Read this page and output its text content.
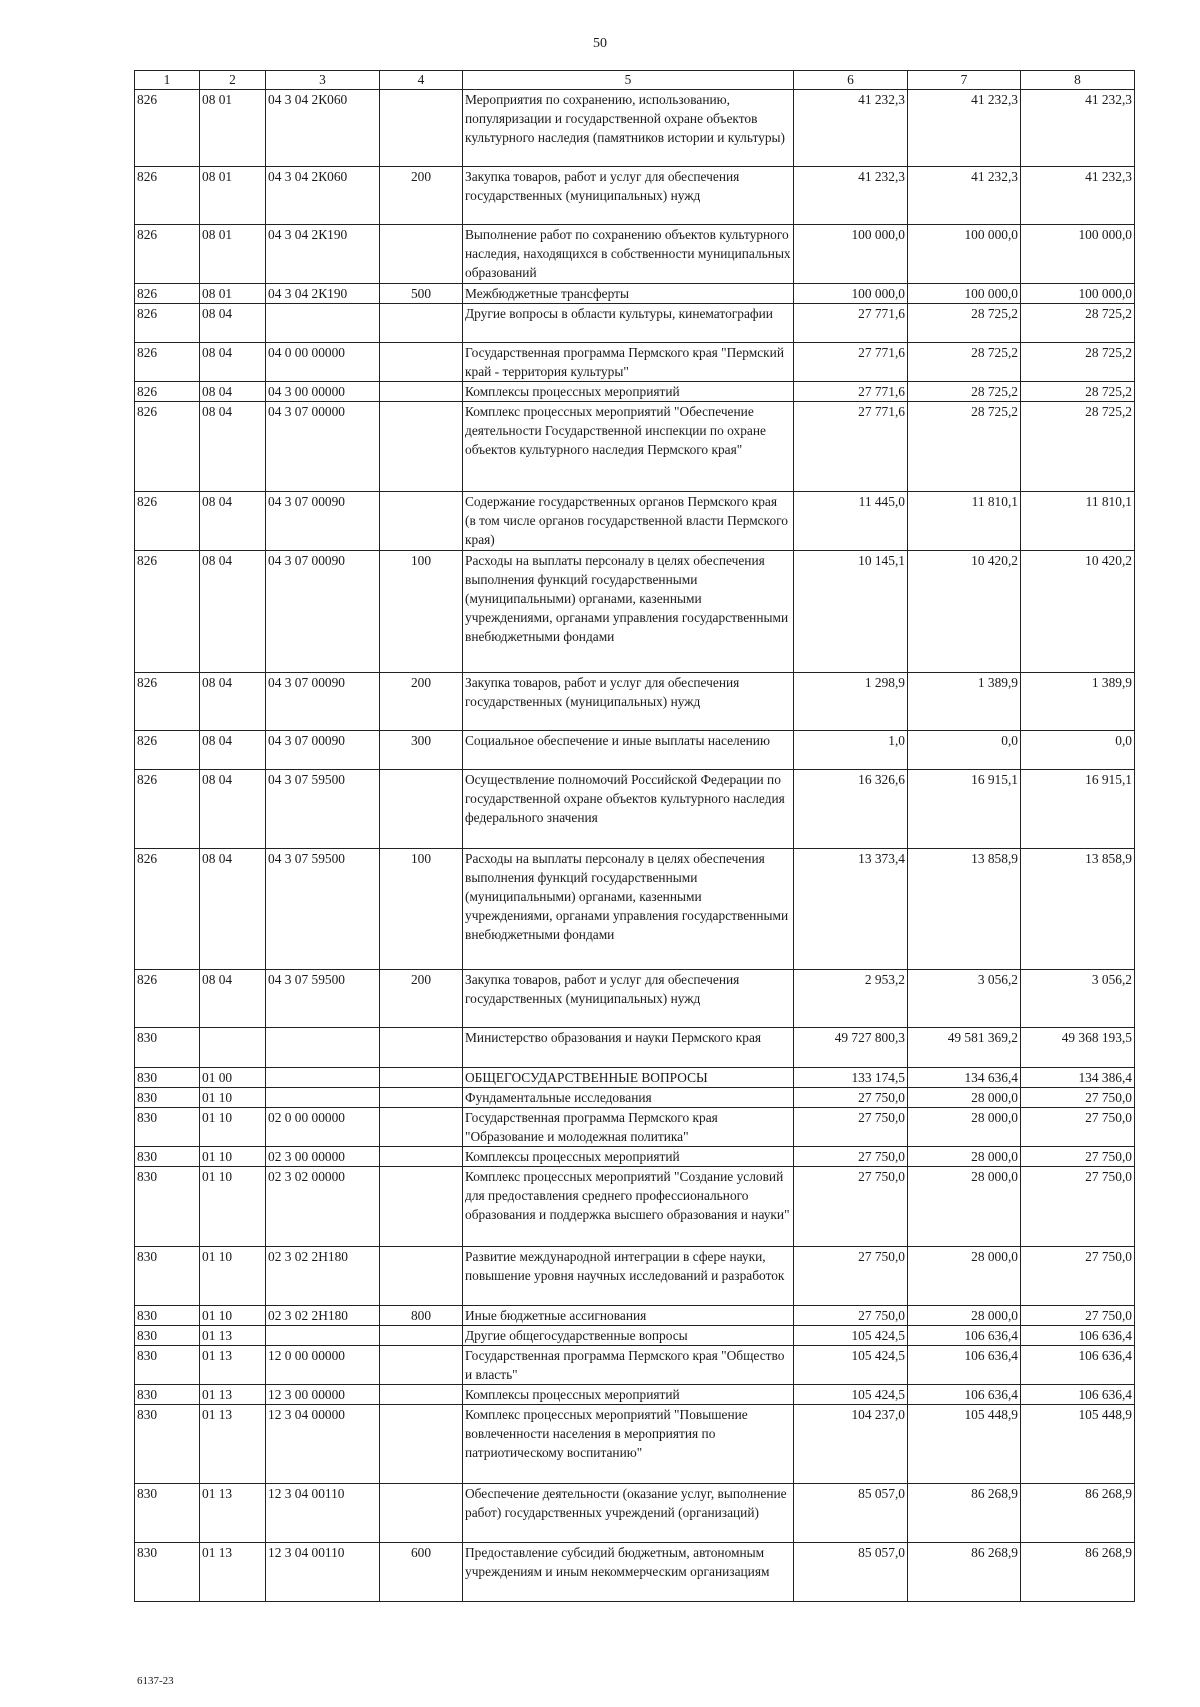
50
1	2	3	4	5	6	7	8
826	08 01	04 3 04 2К060		Мероприятия по сохранению, использованию, популяризации и государственной охране объектов культурного наследия (памятников истории и культуры)	41 232,3	41 232,3	41 232,3
826	08 01	04 3 04 2К060	200	Закупка товаров, работ и услуг для обеспечения государственных (муниципальных) нужд	41 232,3	41 232,3	41 232,3
826	08 01	04 3 04 2К190		Выполнение работ по сохранению объектов культурного наследия, находящихся в собственности муниципальных образований	100 000,0	100 000,0	100 000,0
826	08 01	04 3 04 2К190	500	Межбюджетные трансферты	100 000,0	100 000,0	100 000,0
826	08 04			Другие вопросы в области культуры, кинематографии	27 771,6	28 725,2	28 725,2
826	08 04	04 0 00 00000		Государственная программа Пермского края "Пермский край - территория культуры"	27 771,6	28 725,2	28 725,2
826	08 04	04 3 00 00000		Комплексы процессных мероприятий	27 771,6	28 725,2	28 725,2
826	08 04	04 3 07 00000		Комплекс процессных мероприятий "Обеспечение деятельности Государственной инспекции по охране объектов культурного наследия Пермского края"	27 771,6	28 725,2	28 725,2
826	08 04	04 3 07 00090		Содержание государственных органов Пермского края (в том числе органов государственной власти Пермского края)	11 445,0	11 810,1	11 810,1
826	08 04	04 3 07 00090	100	Расходы на выплаты персоналу в целях обеспечения выполнения функций государственными (муниципальными) органами, казенными учреждениями, органами управления государственными внебюджетными фондами	10 145,1	10 420,2	10 420,2
826	08 04	04 3 07 00090	200	Закупка товаров, работ и услуг для обеспечения государственных (муниципальных) нужд	1 298,9	1 389,9	1 389,9
826	08 04	04 3 07 00090	300	Социальное обеспечение и иные выплаты населению	1,0	0,0	0,0
826	08 04	04 3 07 59500		Осуществление полномочий Российской Федерации по государственной охране объектов культурного наследия федерального значения	16 326,6	16 915,1	16 915,1
826	08 04	04 3 07 59500	100	Расходы на выплаты персоналу в целях обеспечения выполнения функций государственными (муниципальными) органами, казенными учреждениями, органами управления государственными внебюджетными фондами	13 373,4	13 858,9	13 858,9
826	08 04	04 3 07 59500	200	Закупка товаров, работ и услуг для обеспечения государственных (муниципальных) нужд	2 953,2	3 056,2	3 056,2
830				Министерство образования и науки Пермского края	49 727 800,3	49 581 369,2	49 368 193,5
830	01 00			ОБЩЕГОСУДАРСТВЕННЫЕ ВОПРОСЫ	133 174,5	134 636,4	134 386,4
830	01 10			Фундаментальные исследования	27 750,0	28 000,0	27 750,0
830	01 10	02 0 00 00000		Государственная программа Пермского края "Образование и молодежная политика"	27 750,0	28 000,0	27 750,0
830	01 10	02 3 00 00000		Комплексы процессных мероприятий	27 750,0	28 000,0	27 750,0
830	01 10	02 3 02 00000		Комплекс процессных мероприятий "Создание условий для предоставления среднего профессионального образования и поддержка высшего образования и науки"	27 750,0	28 000,0	27 750,0
830	01 10	02 3 02 2Н180		Развитие международной интеграции в сфере науки, повышение уровня научных исследований и разработок	27 750,0	28 000,0	27 750,0
830	01 10	02 3 02 2Н180	800	Иные бюджетные ассигнования	27 750,0	28 000,0	27 750,0
830	01 13			Другие общегосударственные вопросы	105 424,5	106 636,4	106 636,4
830	01 13	12 0 00 00000		Государственная программа Пермского края "Общество и власть"	105 424,5	106 636,4	106 636,4
830	01 13	12 3 00 00000		Комплексы процессных мероприятий	105 424,5	106 636,4	106 636,4
830	01 13	12 3 04 00000		Комплекс процессных мероприятий "Повышение вовлеченности населения в мероприятия по патриотическому воспитанию"	104 237,0	105 448,9	105 448,9
830	01 13	12 3 04 00110		Обеспечение деятельности (оказание услуг, выполнение работ) государственных учреждений (организаций)	85 057,0	86 268,9	86 268,9
830	01 13	12 3 04 00110	600	Предоставление субсидий бюджетным, автономным учреждениям и иным некоммерческим организациям	85 057,0	86 268,9	86 268,9
6137-23
